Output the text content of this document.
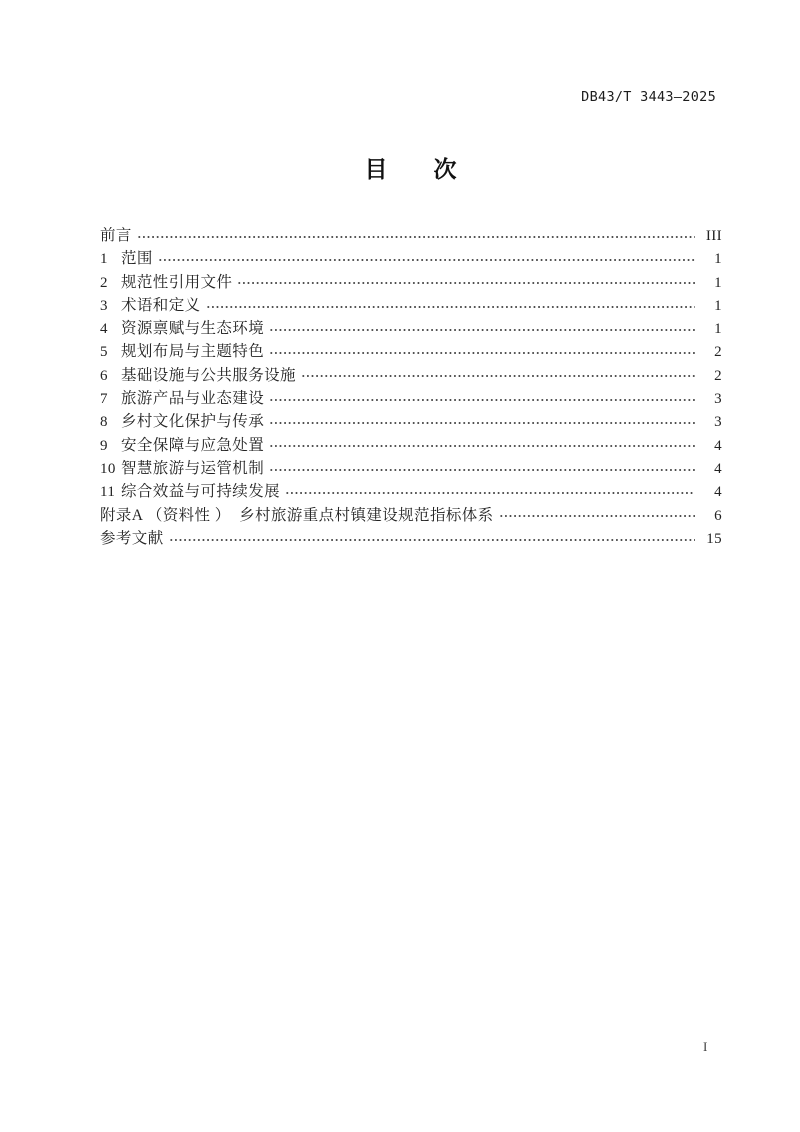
DB43/T 3443—2025
目　　次
前言	III
1 范围	1
2 规范性引用文件	1
3 术语和定义	1
4 资源禀赋与生态环境	1
5 规划布局与主题特色	2
6 基础设施与公共服务设施	2
7 旅游产品与业态建设	3
8 乡村文化保护与传承	3
9 安全保障与应急处置	4
10 智慧旅游与运管机制	4
11 综合效益与可持续发展	4
附录A （资料性 ）  乡村旅游重点村镇建设规范指标体系	6
参考文献	15
I
